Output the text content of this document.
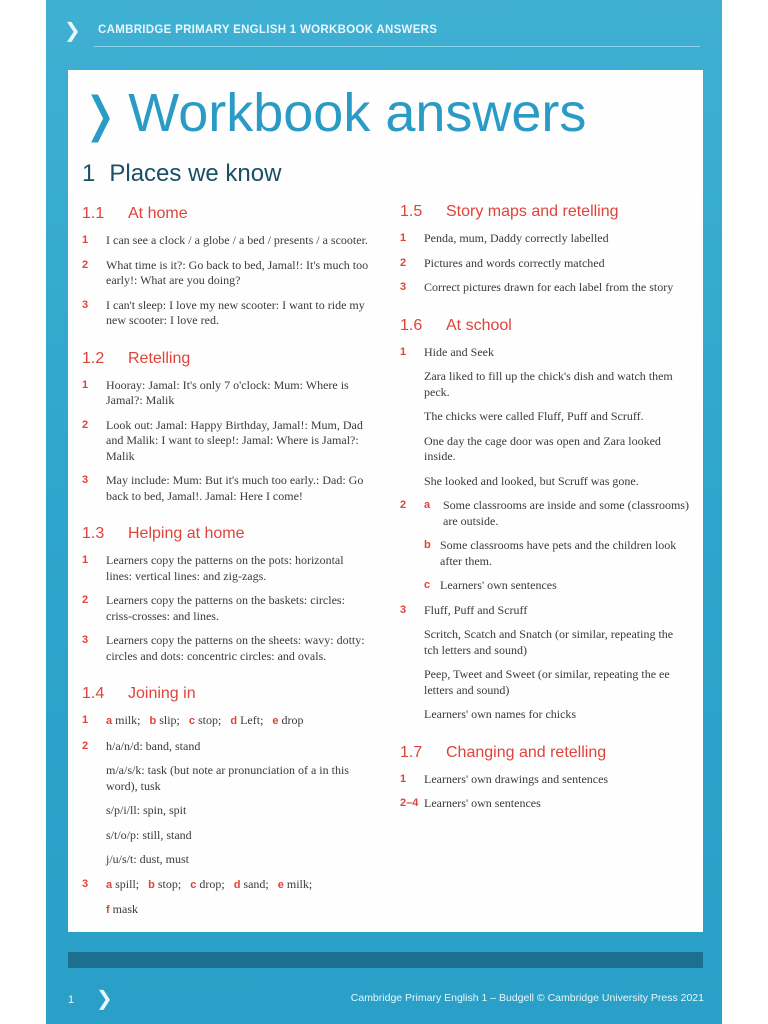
❯ CAMBRIDGE PRIMARY ENGLISH 1 WORKBOOK ANSWERS
❭ Workbook answers
1 Places we know
1.1 At home
1	I can see a clock / a globe / a bed / presents / a scooter.
2	What time is it?: Go back to bed, Jamal!: It's much too early!: What are you doing?
3	I can't sleep: I love my new scooter: I want to ride my new scooter: I love red.
1.2 Retelling
1	Hooray: Jamal: It's only 7 o'clock: Mum: Where is Jamal?: Malik
2	Look out: Jamal: Happy Birthday, Jamal!: Mum, Dad and Malik: I want to sleep!: Jamal: Where is Jamal?: Malik
3	May include: Mum: But it's much too early.: Dad: Go back to bed, Jamal!. Jamal: Here I come!
1.3 Helping at home
1	Learners copy the patterns on the pots: horizontal lines: vertical lines: and zig-zags.
2	Learners copy the patterns on the baskets: circles: criss-crosses: and lines.
3	Learners copy the patterns on the sheets: wavy: dotty: circles and dots: concentric circles: and ovals.
1.4 Joining in
1	a milk; b slip; c stop; d Left; e drop
2	h/a/n/d: band, stand
m/a/s/k: task (but note ar pronunciation of a in this word), tusk
s/p/i/ll: spin, spit
s/t/o/p: still, stand
j/u/s/t: dust, must
3	a spill; b stop; c drop; d sand; e milk;
f mask
1.5 Story maps and retelling
1	Penda, mum, Daddy correctly labelled
2	Pictures and words correctly matched
3	Correct pictures drawn for each label from the story
1.6 At school
1	Hide and Seek
Zara liked to fill up the chick's dish and watch them peck.
The chicks were called Fluff, Puff and Scruff.
One day the cage door was open and Zara looked inside.
She looked and looked, but Scruff was gone.
2	a	Some classrooms are inside and some (classrooms) are outside.
b Some classrooms have pets and the children look after them.
c Learners' own sentences
3	Fluff, Puff and Scruff
Scritch, Scatch and Snatch (or similar, repeating the tch letters and sound)
Peep, Tweet and Sweet (or similar, repeating the ee letters and sound)
Learners' own names for chicks
1.7 Changing and retelling
1	Learners' own drawings and sentences
2–4 Learners' own sentences
1 ❯	Cambridge Primary English 1 – Budgell © Cambridge University Press 2021
